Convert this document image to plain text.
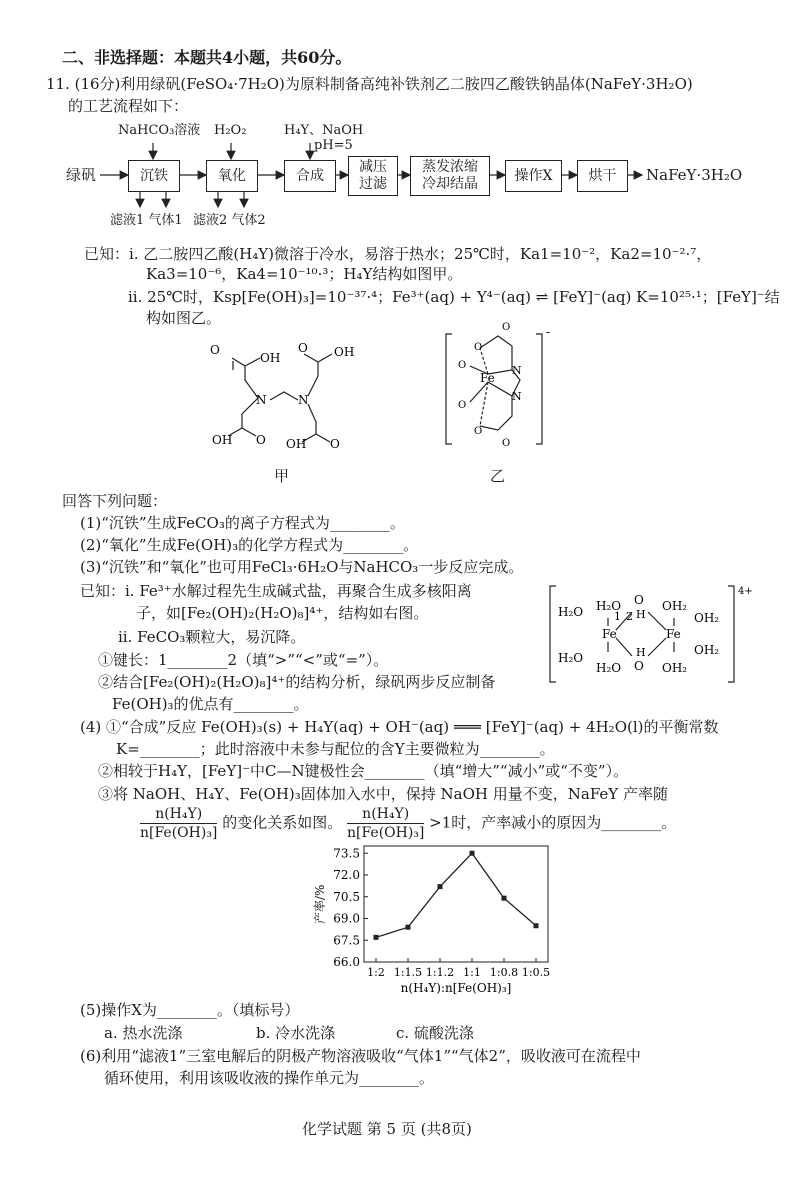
二、非选择题：本题共4小题，共60分。
11. (16分)利用绿矾(FeSO₄·7H₂O)为原料制备高纯补铁剂乙二胺四乙酸铁钠晶体(NaFeY·3H₂O)
的工艺流程如下：
NaHCO₃溶液 H₂O₂	H₄Y、NaOH
pH=5
绿矾	沉铁	氧化	合成
减压
过滤
蒸发浓缩
冷却结晶
操作X	烘干 NaFeY·3H₂O
滤液1 气体1 滤液2 气体2
已知：i. 乙二胺四乙酸(H₄Y)微溶于冷水，易溶于热水；25℃时，Ka1=10⁻²，Ka2=10⁻²·⁷，
Ka3=10⁻⁶，Ka4=10⁻¹⁰·³；H₄Y结构如图甲。
ii. 25℃时，Ksp[Fe(OH)₃]=10⁻³⁷·⁴；Fe³⁺(aq) + Y⁴⁻(aq) ⇌ [FeY]⁻(aq) K=10²⁵·¹；[FeY]⁻结
构如图乙。
N	N
O
OH
OH O
O OH
OH O
甲
O
O
O
Fe
N
N
O
O
O
-
乙
回答下列问题：
(1)“沉铁”生成FeCO₃的离子方程式为________。
(2)“氧化”生成Fe(OH)₃的化学方程式为________。
(3)“沉铁”和“氧化”也可用FeCl₃·6H₂O与NaHCO₃一步反应完成。
已知：i. Fe³⁺水解过程先生成碱式盐，再聚合生成多核阳离
子，如[Fe₂(OH)₂(H₂O)₈]⁴⁺，结构如右图。
ii. FeCO₃颗粒大，易沉降。
①键长：1________2（填“>”“<”或“=”）。
②结合[Fe₂(OH)₂(H₂O)₈]⁴⁺的结构分析，绿矾两步反应制备
Fe(OH)₃的优点有________。
H₂O H₂O
H₂O
H₂O
Fe	Fe
O
H
O
H
1 2
OH₂
OH₂
OH₂
OH₂
4+
(4) ①“合成”反应 Fe(OH)₃(s) + H₄Y(aq) + OH⁻(aq) ═══ [FeY]⁻(aq) + 4H₂O(l)的平衡常数
K=________；此时溶液中未参与配位的含Y主要微粒为________。
②相较于H₄Y，[FeY]⁻中C—N键极性会________（填“增大”“减小”或“不变”）。
③将 NaOH、H₄Y、Fe(OH)₃固体加入水中，保持 NaOH 用量不变，NaFeY 产率随
$\frac{\text{n(H₄Y)}}{\text{n[Fe(OH)₃]}}$ 的变化关系如图。 $\frac{\text{n(H₄Y)}}{\text{n[Fe(OH)₃]}} >1$时，产率减小的原因为________。
66.0
67.5
69.0
70.5
72.0
73.5
1:2 1:1.5 1:1.2 1:1 1:0.8 1:0.5
产率/%
n(H₄Y):n[Fe(OH)₃]
(5)操作X为________。（填标号）
a. 热水洗涤	b. 冷水洗涤	c. 硫酸洗涤
(6)利用“滤液1”三室电解后的阴极产物溶液吸收“气体1”“气体2”，吸收液可在流程中
循环使用，利用该吸收液的操作单元为________。
化学试题 第 5 页 (共8页)
